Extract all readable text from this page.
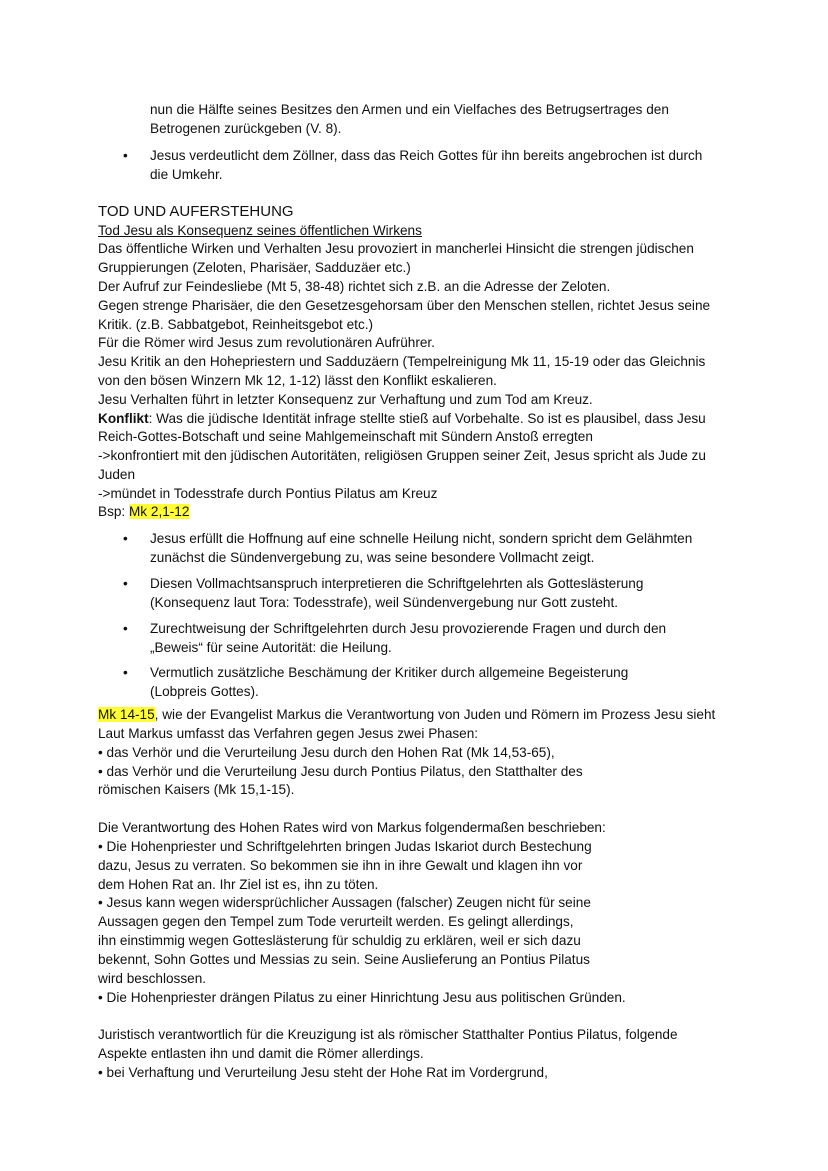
nun die Hälfte seines Besitzes den Armen und ein Vielfaches des Betrugsertrages den
Betrogenen zurückgeben (V. 8).
• Jesus verdeutlicht dem Zöllner, dass das Reich Gottes für ihn bereits angebrochen ist durch
die Umkehr.
TOD UND AUFERSTEHUNG
Tod Jesu als Konsequenz seines öffentlichen Wirkens
Das öffentliche Wirken und Verhalten Jesu provoziert in mancherlei Hinsicht die strengen jüdischen
Gruppierungen (Zeloten, Pharisäer, Sadduzäer etc.)
Der Aufruf zur Feindesliebe (Mt 5, 38-48) richtet sich z.B. an die Adresse der Zeloten.
Gegen strenge Pharisäer, die den Gesetzesgehorsam über den Menschen stellen, richtet Jesus seine
Kritik. (z.B. Sabbatgebot, Reinheitsgebot etc.)
Für die Römer wird Jesus zum revolutionären Aufrührer.
Jesu Kritik an den Hohepriestern und Sadduzäern (Tempelreinigung Mk 11, 15-19 oder das Gleichnis
von den bösen Winzern Mk 12, 1-12) lässt den Konflikt eskalieren.
Jesu Verhalten führt in letzter Konsequenz zur Verhaftung und zum Tod am Kreuz.
Konflikt: Was die jüdische Identität infrage stellte stieß auf Vorbehalte. So ist es plausibel, dass Jesu
Reich-Gottes-Botschaft und seine Mahlgemeinschaft mit Sündern Anstoß erregten
->konfrontiert mit den jüdischen Autoritäten, religiösen Gruppen seiner Zeit, Jesus spricht als Jude zu
Juden
->mündet in Todesstrafe durch Pontius Pilatus am Kreuz
Bsp: Mk 2,1-12
• Jesus erfüllt die Hoffnung auf eine schnelle Heilung nicht, sondern spricht dem Gelähmten
zunächst die Sündenvergebung zu, was seine besondere Vollmacht zeigt.
• Diesen Vollmachtsanspruch interpretieren die Schriftgelehrten als Gotteslästerung
(Konsequenz laut Tora: Todesstrafe), weil Sündenvergebung nur Gott zusteht.
• Zurechtweisung der Schriftgelehrten durch Jesu provozierende Fragen und durch den
„Beweis“ für seine Autorität: die Heilung.
• Vermutlich zusätzliche Beschämung der Kritiker durch allgemeine Begeisterung
(Lobpreis Gottes).
Mk 14-15, wie der Evangelist Markus die Verantwortung von Juden und Römern im Prozess Jesu sieht
Laut Markus umfasst das Verfahren gegen Jesus zwei Phasen:
• das Verhör und die Verurteilung Jesu durch den Hohen Rat (Mk 14,53-65),
• das Verhör und die Verurteilung Jesu durch Pontius Pilatus, den Statthalter des
römischen Kaisers (Mk 15,1-15).
Die Verantwortung des Hohen Rates wird von Markus folgendermaßen beschrieben:
• Die Hohenpriester und Schriftgelehrten bringen Judas Iskariot durch Bestechung
dazu, Jesus zu verraten. So bekommen sie ihn in ihre Gewalt und klagen ihn vor
dem Hohen Rat an. Ihr Ziel ist es, ihn zu töten.
• Jesus kann wegen widersprüchlicher Aussagen (falscher) Zeugen nicht für seine
Aussagen gegen den Tempel zum Tode verurteilt werden. Es gelingt allerdings,
ihn einstimmig wegen Gotteslästerung für schuldig zu erklären, weil er sich dazu
bekennt, Sohn Gottes und Messias zu sein. Seine Auslieferung an Pontius Pilatus
wird beschlossen.
• Die Hohenpriester drängen Pilatus zu einer Hinrichtung Jesu aus politischen Gründen.
Juristisch verantwortlich für die Kreuzigung ist als römischer Statthalter Pontius Pilatus, folgende
Aspekte entlasten ihn und damit die Römer allerdings.
• bei Verhaftung und Verurteilung Jesu steht der Hohe Rat im Vordergrund,
